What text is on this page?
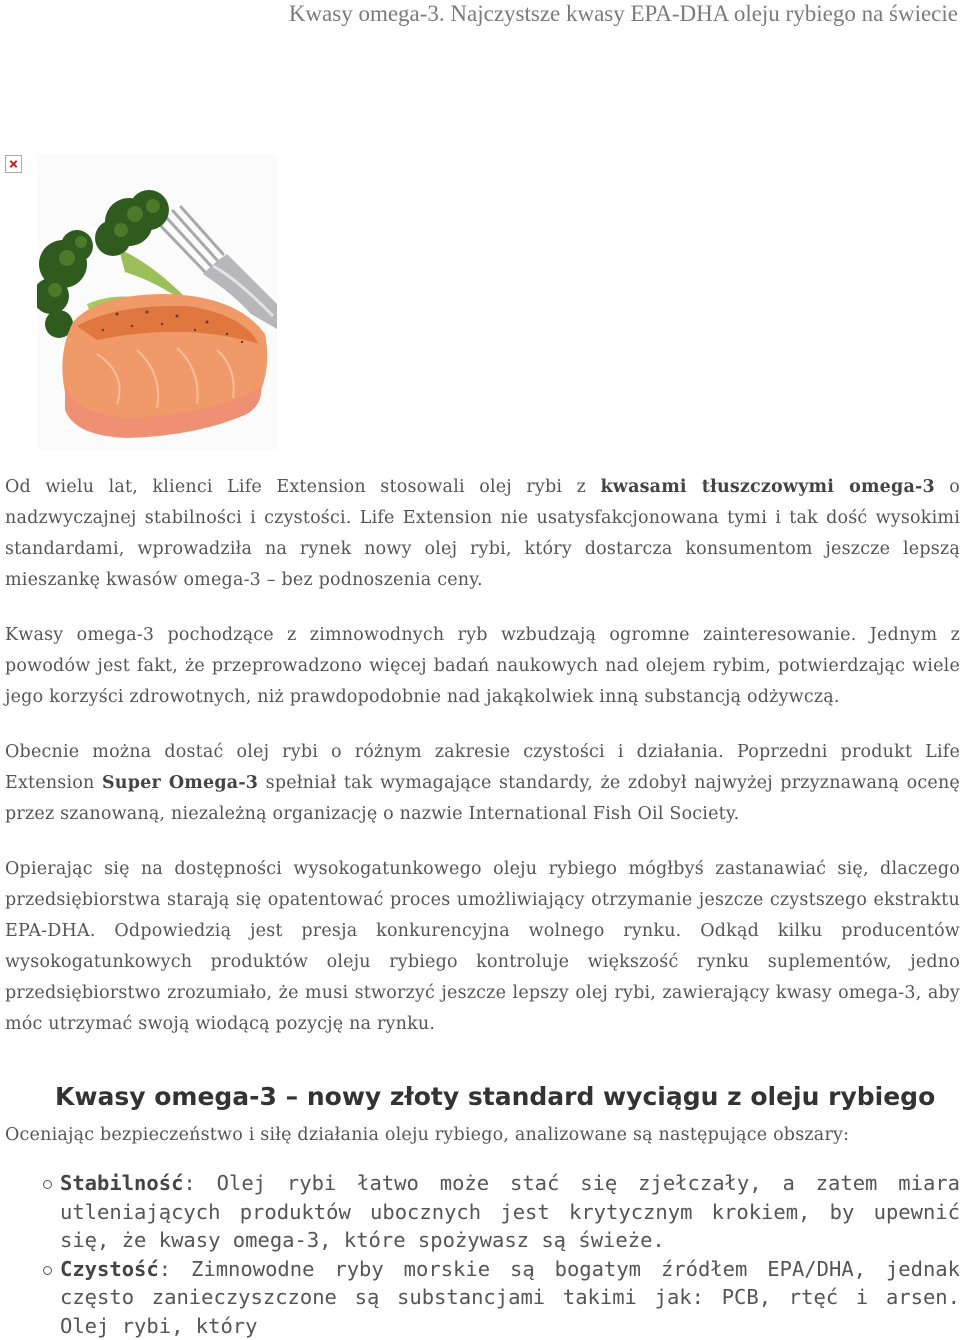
Kwasy omega-3. Najczystsze kwasy EPA-DHA oleju rybiego na świecie

Od wielu lat, klienci Life Extension stosowali olej rybi z kwasami tłuszczowymi omega-3 o nadzwyczajnej stabilności i czystości. Life Extension nie usatysfakcjonowana tymi i tak dość wysokimi standardami, wprowadziła na rynek nowy olej rybi, który dostarcza konsumentom jeszcze lepszą mieszankę kwasów omega-3 – bez podnoszenia ceny.

Kwasy omega-3 pochodzące z zimnowodnych ryb wzbudzają ogromne zainteresowanie. Jednym z powodów jest fakt, że przeprowadzono więcej badań naukowych nad olejem rybim, potwierdzając wiele jego korzyści zdrowotnych, niż prawdopodobnie nad jakąkolwiek inną substancją odżywczą.

Obecnie można dostać olej rybi o różnym zakresie czystości i działania. Poprzedni produkt Life Extension Super Omega-3 spełniał tak wymagające standardy, że zdobył najwyżej przyznawaną ocenę przez szanowaną, niezależną organizację o nazwie International Fish Oil Society.

Opierając się na dostępności wysokogatunkowego oleju rybiego mógłbyś zastanawiać się, dlaczego przedsiębiorstwa starają się opatentować proces umożliwiający otrzymanie jeszcze czystszego ekstraktu EPA-DHA. Odpowiedzią jest presja konkurencyjna wolnego rynku. Odkąd kilku producentów wysokogatunkowych produktów oleju rybiego kontroluje większość rynku suplementów, jedno przedsiębiorstwo zrozumiało, że musi stworzyć jeszcze lepszy olej rybi, zawierający kwasy omega-3, aby móc utrzymać swoją wiodącą pozycję na rynku.

Kwasy omega-3 – nowy złoty standard wyciągu z oleju rybiego

Oceniając bezpieczeństwo i siłę działania oleju rybiego, analizowane są następujące obszary:

Stabilność: Olej rybi łatwo może stać się zjełczały, a zatem miara utleniających produktów ubocznych jest krytycznym krokiem, by upewnić się, że kwasy omega-3, które spożywasz są świeże.
Czystość: Zimnowodne ryby morskie są bogatym źródłem EPA/DHA, jednak często zanieczyszczone są substancjami takimi jak: PCB, rtęć i arsen. Olej rybi, który
